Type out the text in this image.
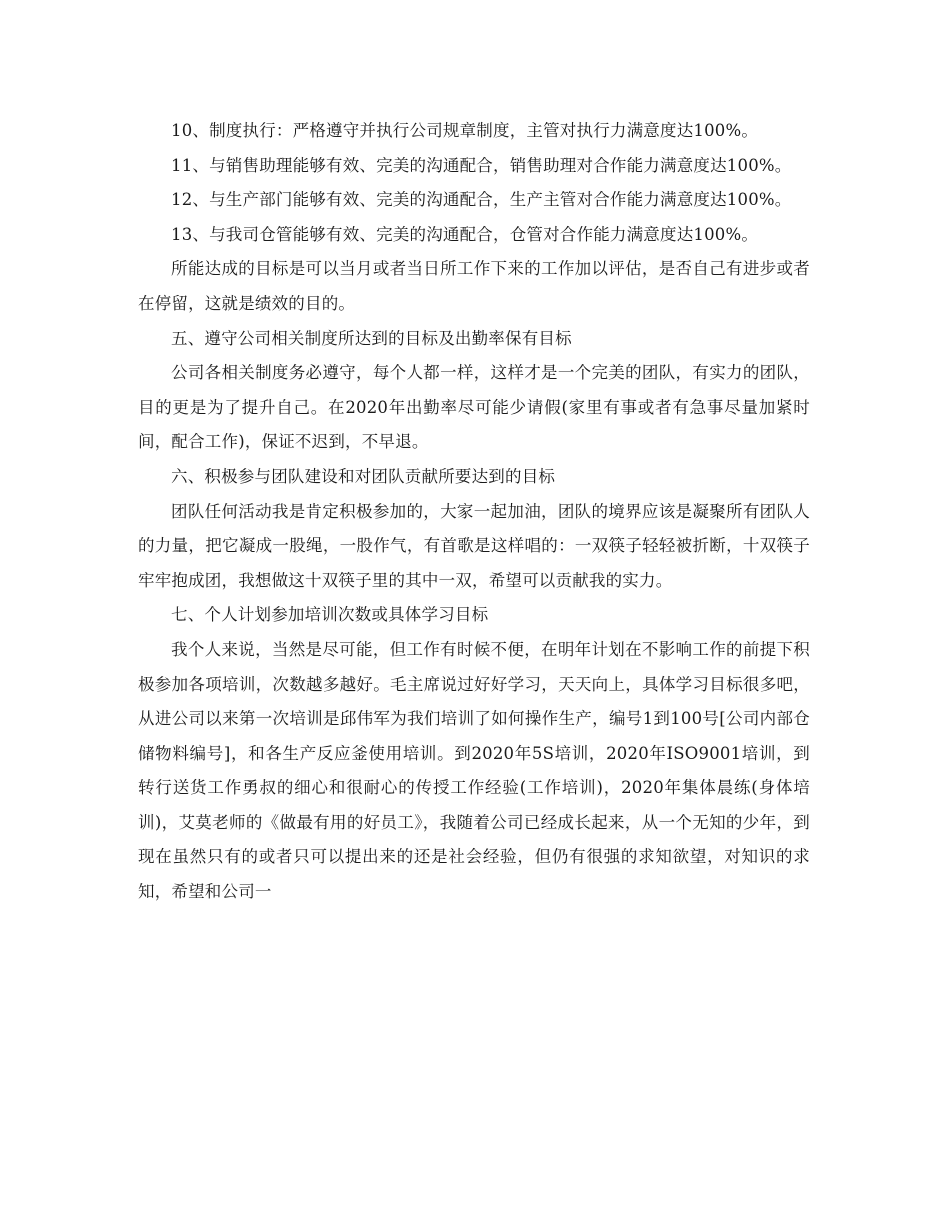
10、制度执行：严格遵守并执行公司规章制度，主管对执行力满意度达100%。

11、与销售助理能够有效、完美的沟通配合，销售助理对合作能力满意度达100%。

12、与生产部门能够有效、完美的沟通配合，生产主管对合作能力满意度达100%。

13、与我司仓管能够有效、完美的沟通配合，仓管对合作能力满意度达100%。

所能达成的目标是可以当月或者当日所工作下来的工作加以评估，是否自己有进步或者在停留，这就是绩效的目的。

五、遵守公司相关制度所达到的目标及出勤率保有目标

公司各相关制度务必遵守，每个人都一样，这样才是一个完美的团队，有实力的团队，目的更是为了提升自己。在2020年出勤率尽可能少请假(家里有事或者有急事尽量加紧时间，配合工作)，保证不迟到，不早退。

六、积极参与团队建设和对团队贡献所要达到的目标

团队任何活动我是肯定积极参加的，大家一起加油，团队的境界应该是凝聚所有团队人的力量，把它凝成一股绳，一股作气，有首歌是这样唱的：一双筷子轻轻被折断，十双筷子牢牢抱成团，我想做这十双筷子里的其中一双，希望可以贡献我的实力。

七、个人计划参加培训次数或具体学习目标

我个人来说，当然是尽可能，但工作有时候不便，在明年计划在不影响工作的前提下积极参加各项培训，次数越多越好。毛主席说过好好学习，天天向上，具体学习目标很多吧，从进公司以来第一次培训是邱伟军为我们培训了如何操作生产，编号1到100号[公司内部仓储物料编号]，和各生产反应釜使用培训。到2020年5S培训，2020年ISO9001培训，到转行送货工作勇叔的细心和很耐心的传授工作经验(工作培训)，2020年集体晨练(身体培训)，艾莫老师的《做最有用的好员工》，我随着公司已经成长起来，从一个无知的少年，到现在虽然只有的或者只可以提出来的还是社会经验，但仍有很强的求知欲望，对知识的求知，希望和公司一
